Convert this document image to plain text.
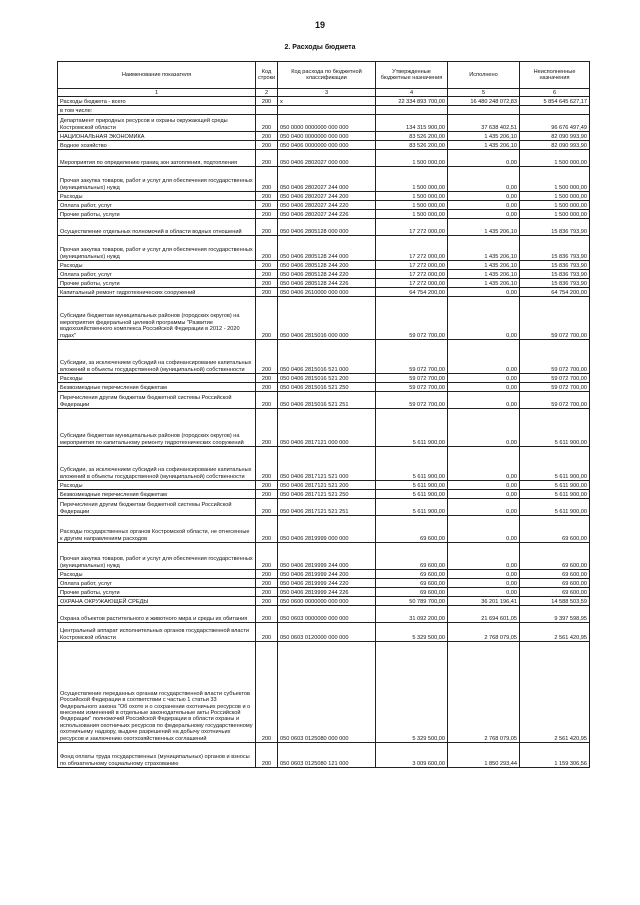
19
2. Расходы бюджета
Наименование показателя	Код строки	Код расхода по бюджетной классификации	Утвержденные бюджетные назначения	Исполнено	Неисполненные назначения
1	2	3	4	5	6
Расходы бюджета - всего	200	x	22 334 893 700,00	16 480 248 072,83	5 854 645 627,17
в том числе:					
Департамент природных ресурсов и охраны окружающей среды Костромской области	200	050 0000 0000000 000 000	134 315 900,00	37 638 402,51	96 676 497,49
НАЦИОНАЛЬНАЯ ЭКОНОМИКА	200	050 0400 0000000 000 000	83 526 200,00	1 435 206,10	82 090 993,90
Водное хозяйство	200	050 0406 0000000 000 000	83 526 200,00	1 435 206,10	82 090 993,90
Мероприятия по определению границ зон затопления, подтопления	200	050 0406 2802027 000 000	1 500 000,00	0,00	1 500 000,00
Прочая закупка товаров, работ и услуг для обеспечения государственных (муниципальных) нужд	200	050 0406 2802027 244 000	1 500 000,00	0,00	1 500 000,00
Расходы	200	050 0406 2802027 244 200	1 500 000,00	0,00	1 500 000,00
Оплата работ, услуг	200	050 0406 2802027 244 220	1 500 000,00	0,00	1 500 000,00
Прочие работы, услуги	200	050 0406 2802027 244 226	1 500 000,00	0,00	1 500 000,00
Осуществление отдельных полномочий в области водных отношений	200	050 0406 2805128 000 000	17 272 000,00	1 435 206,10	15 836 793,90
Прочая закупка товаров, работ и услуг для обеспечения государственных (муниципальных) нужд	200	050 0406 2805128 244 000	17 272 000,00	1 435 206,10	15 836 793,90
Расходы	200	050 0406 2805128 244 200	17 272 000,00	1 435 206,10	15 836 793,90
Оплата работ, услуг	200	050 0406 2805128 244 220	17 272 000,00	1 435 206,10	15 836 793,90
Прочие работы, услуги	200	050 0406 2805128 244 226	17 272 000,00	1 435 206,10	15 836 793,90
Капитальный ремонт гидротехнических сооружений	200	050 0406 2610000 000 000	64 754 200,00	0,00	64 754 200,00
Субсидии бюджетам муниципальных районов (городских округов) на мероприятия федеральной целевой программы "Развитие водохозяйственного комплекса Российской Федерации в 2012 - 2020 годах"	200	050 0406 2815016 000 000	59 072 700,00	0,00	59 072 700,00
Субсидии, за исключением субсидий на софинансирование капитальных вложений в объекты государственной (муниципальной) собственности	200	050 0406 2815016 521 000	59 072 700,00	0,00	59 072 700,00
Расходы	200	050 0406 2815016 521 200	59 072 700,00	0,00	59 072 700,00
Безвозмездные перечисления бюджетам	200	050 0406 2815016 521 250	59 072 700,00	0,00	59 072 700,00
Перечисления другим бюджетам бюджетной системы Российской Федерации	200	050 0406 2815016 521 251	59 072 700,00	0,00	59 072 700,00
Субсидии бюджетам муниципальных районов (городских округов) на мероприятия по капитальному ремонту гидротехнических сооружений	200	050 0406 2817121 000 000	5 611 900,00	0,00	5 611 900,00
Субсидии, за исключением субсидий на софинансирование капитальных вложений в объекты государственной (муниципальной) собственности	200	050 0406 2817121 521 000	5 611 900,00	0,00	5 611 900,00
Расходы	200	050 0406 2817121 521 200	5 611 900,00	0,00	5 611 900,00
Безвозмездные перечисления бюджетам	200	050 0406 2817121 521 250	5 611 900,00	0,00	5 611 900,00
Перечисления другим бюджетам бюджетной системы Российской Федерации	200	050 0406 2817121 521 251	5 611 900,00	0,00	5 611 900,00
Расходы государственных органов Костромской области, не отнесенные к другим направлениям расходов	200	050 0406 2819999 000 000	69 600,00	0,00	69 600,00
Прочая закупка товаров, работ и услуг для обеспечения государственных (муниципальных) нужд	200	050 0406 2819999 244 000	69 600,00	0,00	69 600,00
Расходы	200	050 0406 2819999 244 200	69 600,00	0,00	69 600,00
Оплата работ, услуг	200	050 0406 2819999 244 220	69 600,00	0,00	69 600,00
Прочие работы, услуги	200	050 0406 2819999 244 226	69 600,00	0,00	69 600,00
ОХРАНА ОКРУЖАЮЩЕЙ СРЕДЫ	200	050 0600 0000000 000 000	50 789 700,00	36 201 196,41	14 588 503,59
Охрана объектов растительного и животного мира и среды их обитания	200	050 0603 0000000 000 000	31 092 200,00	21 694 601,05	9 397 598,95
Центральный аппарат исполнительных органов государственной власти Костромской области	200	050 0603 0120000 000 000	5 329 500,00	2 768 079,05	2 561 420,95
Осуществление переданных органам государственной власти субъектов Российской Федерации в соответствии с частью 1 статьи 33 Федерального закона "Об охоте и о сохранении охотничьих ресурсов и о внесении изменений в отдельные законодательные акты Российской Федерации" полномочий Российской Федерации в области охраны и использования охотничьих ресурсов по федеральному государственному охотничьему надзору, выдаче разрешений на добычу охотничьих ресурсов и заключению охотхозяйственных соглашений	200	050 0603 0125080 000 000	5 329 500,00	2 768 079,05	2 561 420,95
Фонд оплаты труда государственных (муниципальных) органов и взносы по обязательному социальному страхованию	200	050 0603 0125080 121 000	3 009 600,00	1 850 293,44	1 159 306,56
